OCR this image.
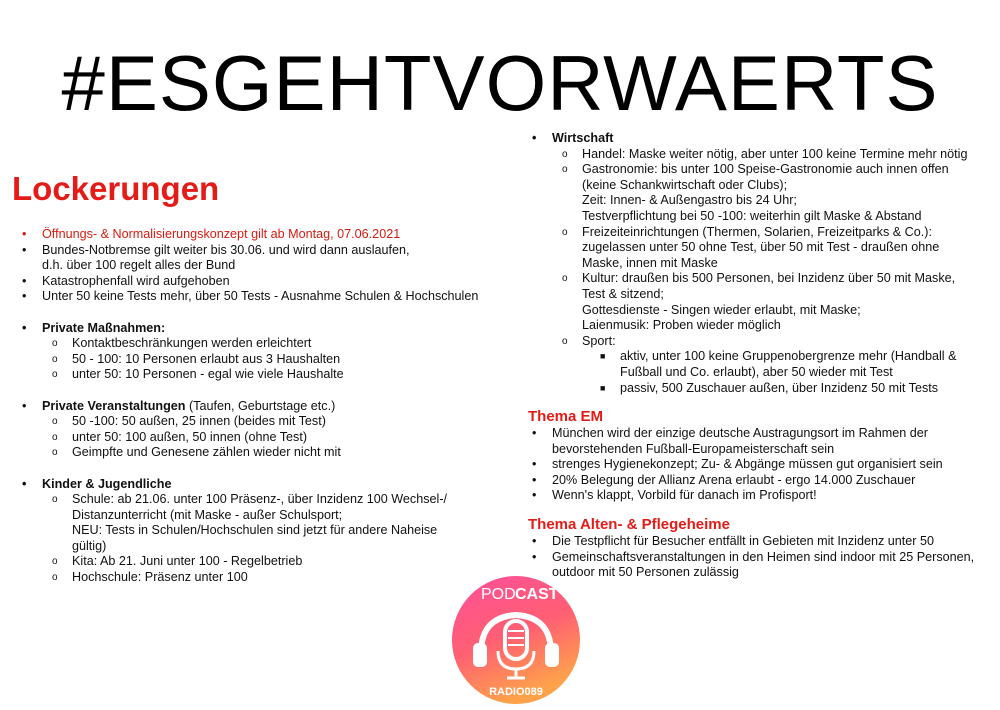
#ESGEHTVORWAERTS
Lockerungen
• Öffnungs- & Normalisierungskonzept gilt ab Montag, 07.06.2021
• Bundes-Notbremse gilt weiter bis 30.06. und wird dann auslaufen,
d.h. über 100 regelt alles der Bund
• Katastrophenfall wird aufgehoben
• Unter 50 keine Tests mehr, über 50 Tests - Ausnahme Schulen & Hochschulen
• Private Maßnahmen:
o Kontaktbeschränkungen werden erleichtert
o 50 - 100: 10 Personen erlaubt aus 3 Haushalten
o unter 50: 10 Personen - egal wie viele Haushalte
• Private Veranstaltungen (Taufen, Geburtstage etc.)
o 50 -100: 50 außen, 25 innen (beides mit Test)
o unter 50: 100 außen, 50 innen (ohne Test)
o Geimpfte und Genesene zählen wieder nicht mit
• Kinder & Jugendliche
o Schule: ab 21.06. unter 100 Präsenz-, über Inzidenz 100 Wechsel-/
Distanzunterricht (mit Maske - außer Schulsport;
NEU: Tests in Schulen/Hochschulen sind jetzt für andere Naheise
gültig)
o Kita: Ab 21. Juni unter 100 - Regelbetrieb
o Hochschule: Präsenz unter 100
• Wirtschaft
o Handel: Maske weiter nötig, aber unter 100 keine Termine mehr nötig
o Gastronomie: bis unter 100 Speise-Gastronomie auch innen offen
(keine Schankwirtschaft oder Clubs);
Zeit: Innen- & Außengastro bis 24 Uhr;
Testverpflichtung bei 50 -100: weiterhin gilt Maske & Abstand
o Freizeiteinrichtungen (Thermen, Solarien, Freizeitparks & Co.):
zugelassen unter 50 ohne Test, über 50 mit Test - draußen ohne
Maske, innen mit Maske
o Kultur: draußen bis 500 Personen, bei Inzidenz über 50 mit Maske,
Test & sitzend;
Gottesdienste - Singen wieder erlaubt, mit Maske;
Laienmusik: Proben wieder möglich
o Sport:
■ aktiv, unter 100 keine Gruppenobergrenze mehr (Handball &
Fußball und Co. erlaubt), aber 50 wieder mit Test
■ passiv, 500 Zuschauer außen, über Inzidenz 50 mit Tests
Thema EM
• München wird der einzige deutsche Austragungsort im Rahmen der
bevorstehenden Fußball-Europameisterschaft sein
• strenges Hygienekonzept; Zu- & Abgänge müssen gut organisiert sein
• 20% Belegung der Allianz Arena erlaubt - ergo 14.000 Zuschauer
• Wenn's klappt, Vorbild für danach im Profisport!
Thema Alten- & Pflegeheime
• Die Testpflicht für Besucher entfällt in Gebieten mit Inzidenz unter 50
• Gemeinschaftsveranstaltungen in den Heimen sind indoor mit 25 Personen,
outdoor mit 50 Personen zulässig
POD CAST
RADIO089
